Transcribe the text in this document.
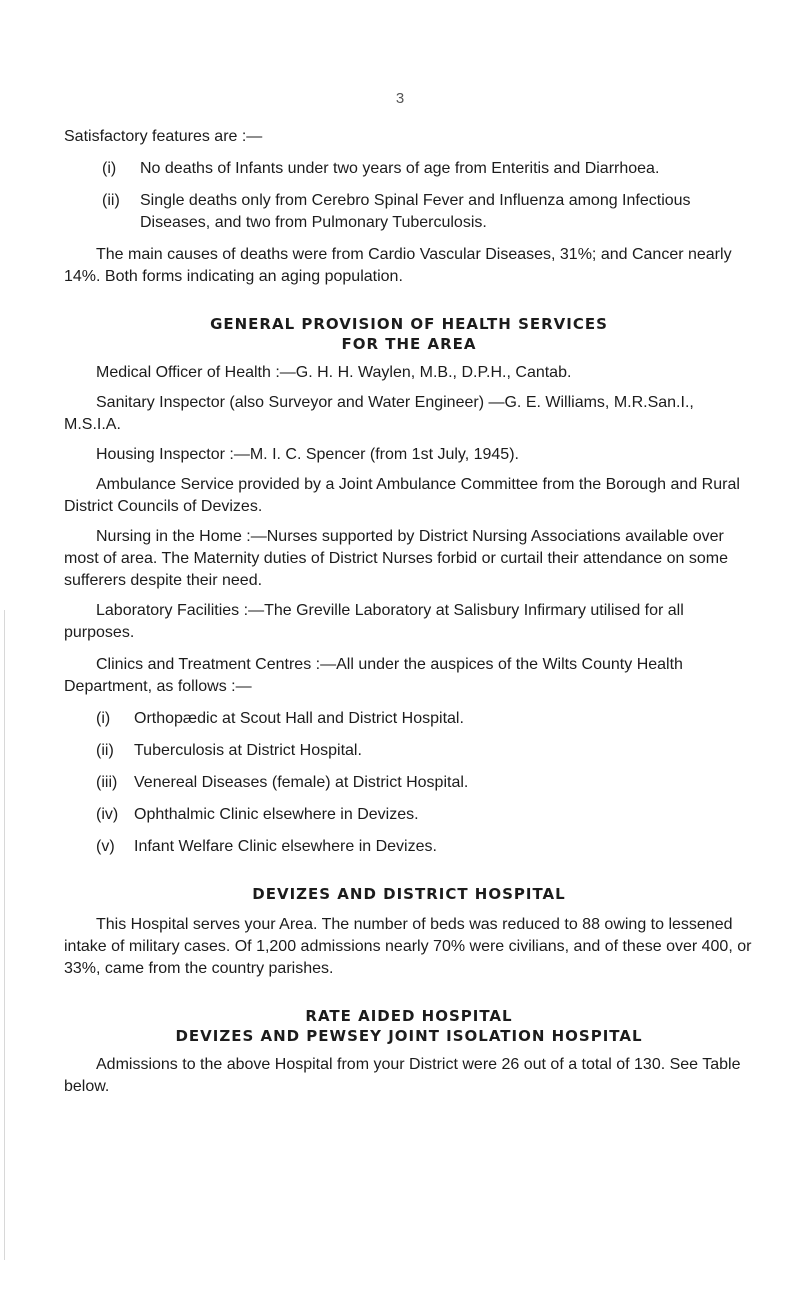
3

Satisfactory features are :—

(i)	No deaths of Infants under two years of age from Enteritis and Diarrhoea.
(ii)	Single deaths only from Cerebro Spinal Fever and Influenza among Infectious Diseases, and two from Pulmonary Tuberculosis.

The main causes of deaths were from Cardio Vascular Diseases, 31%; and Cancer nearly 14%. Both forms indicating an aging population.

GENERAL PROVISION OF HEALTH SERVICES
FOR THE AREA

Medical Officer of Health :—G. H. H. Waylen, M.B., D.P.H., Cantab.

Sanitary Inspector (also Surveyor and Water Engineer) —G. E. Williams, M.R.San.I., M.S.I.A.

Housing Inspector :—M. I. C. Spencer (from 1st July, 1945).

Ambulance Service provided by a Joint Ambulance Committee from the Borough and Rural District Councils of Devizes.

Nursing in the Home :—Nurses supported by District Nursing Associations available over most of area. The Maternity duties of District Nurses forbid or curtail their attendance on some sufferers despite their need.

Laboratory Facilities :—The Greville Laboratory at Salisbury Infirmary utilised for all purposes.

Clinics and Treatment Centres :—All under the auspices of the Wilts County Health Department, as follows :—

(i)	Orthopædic at Scout Hall and District Hospital.
(ii)	Tuberculosis at District Hospital.
(iii)	Venereal Diseases (female) at District Hospital.
(iv) Ophthalmic Clinic elsewhere in Devizes.
(v)	Infant Welfare Clinic elsewhere in Devizes.
DEVIZES AND DISTRICT HOSPITAL

This Hospital serves your Area. The number of beds was reduced to 88 owing to lessened intake of military cases. Of 1,200 admissions nearly 70% were civilians, and of these over 400, or 33%, came from the country parishes.

RATE AIDED HOSPITAL
DEVIZES AND PEWSEY JOINT ISOLATION HOSPITAL

Admissions to the above Hospital from your District were 26 out of a total of 130. See Table below.
